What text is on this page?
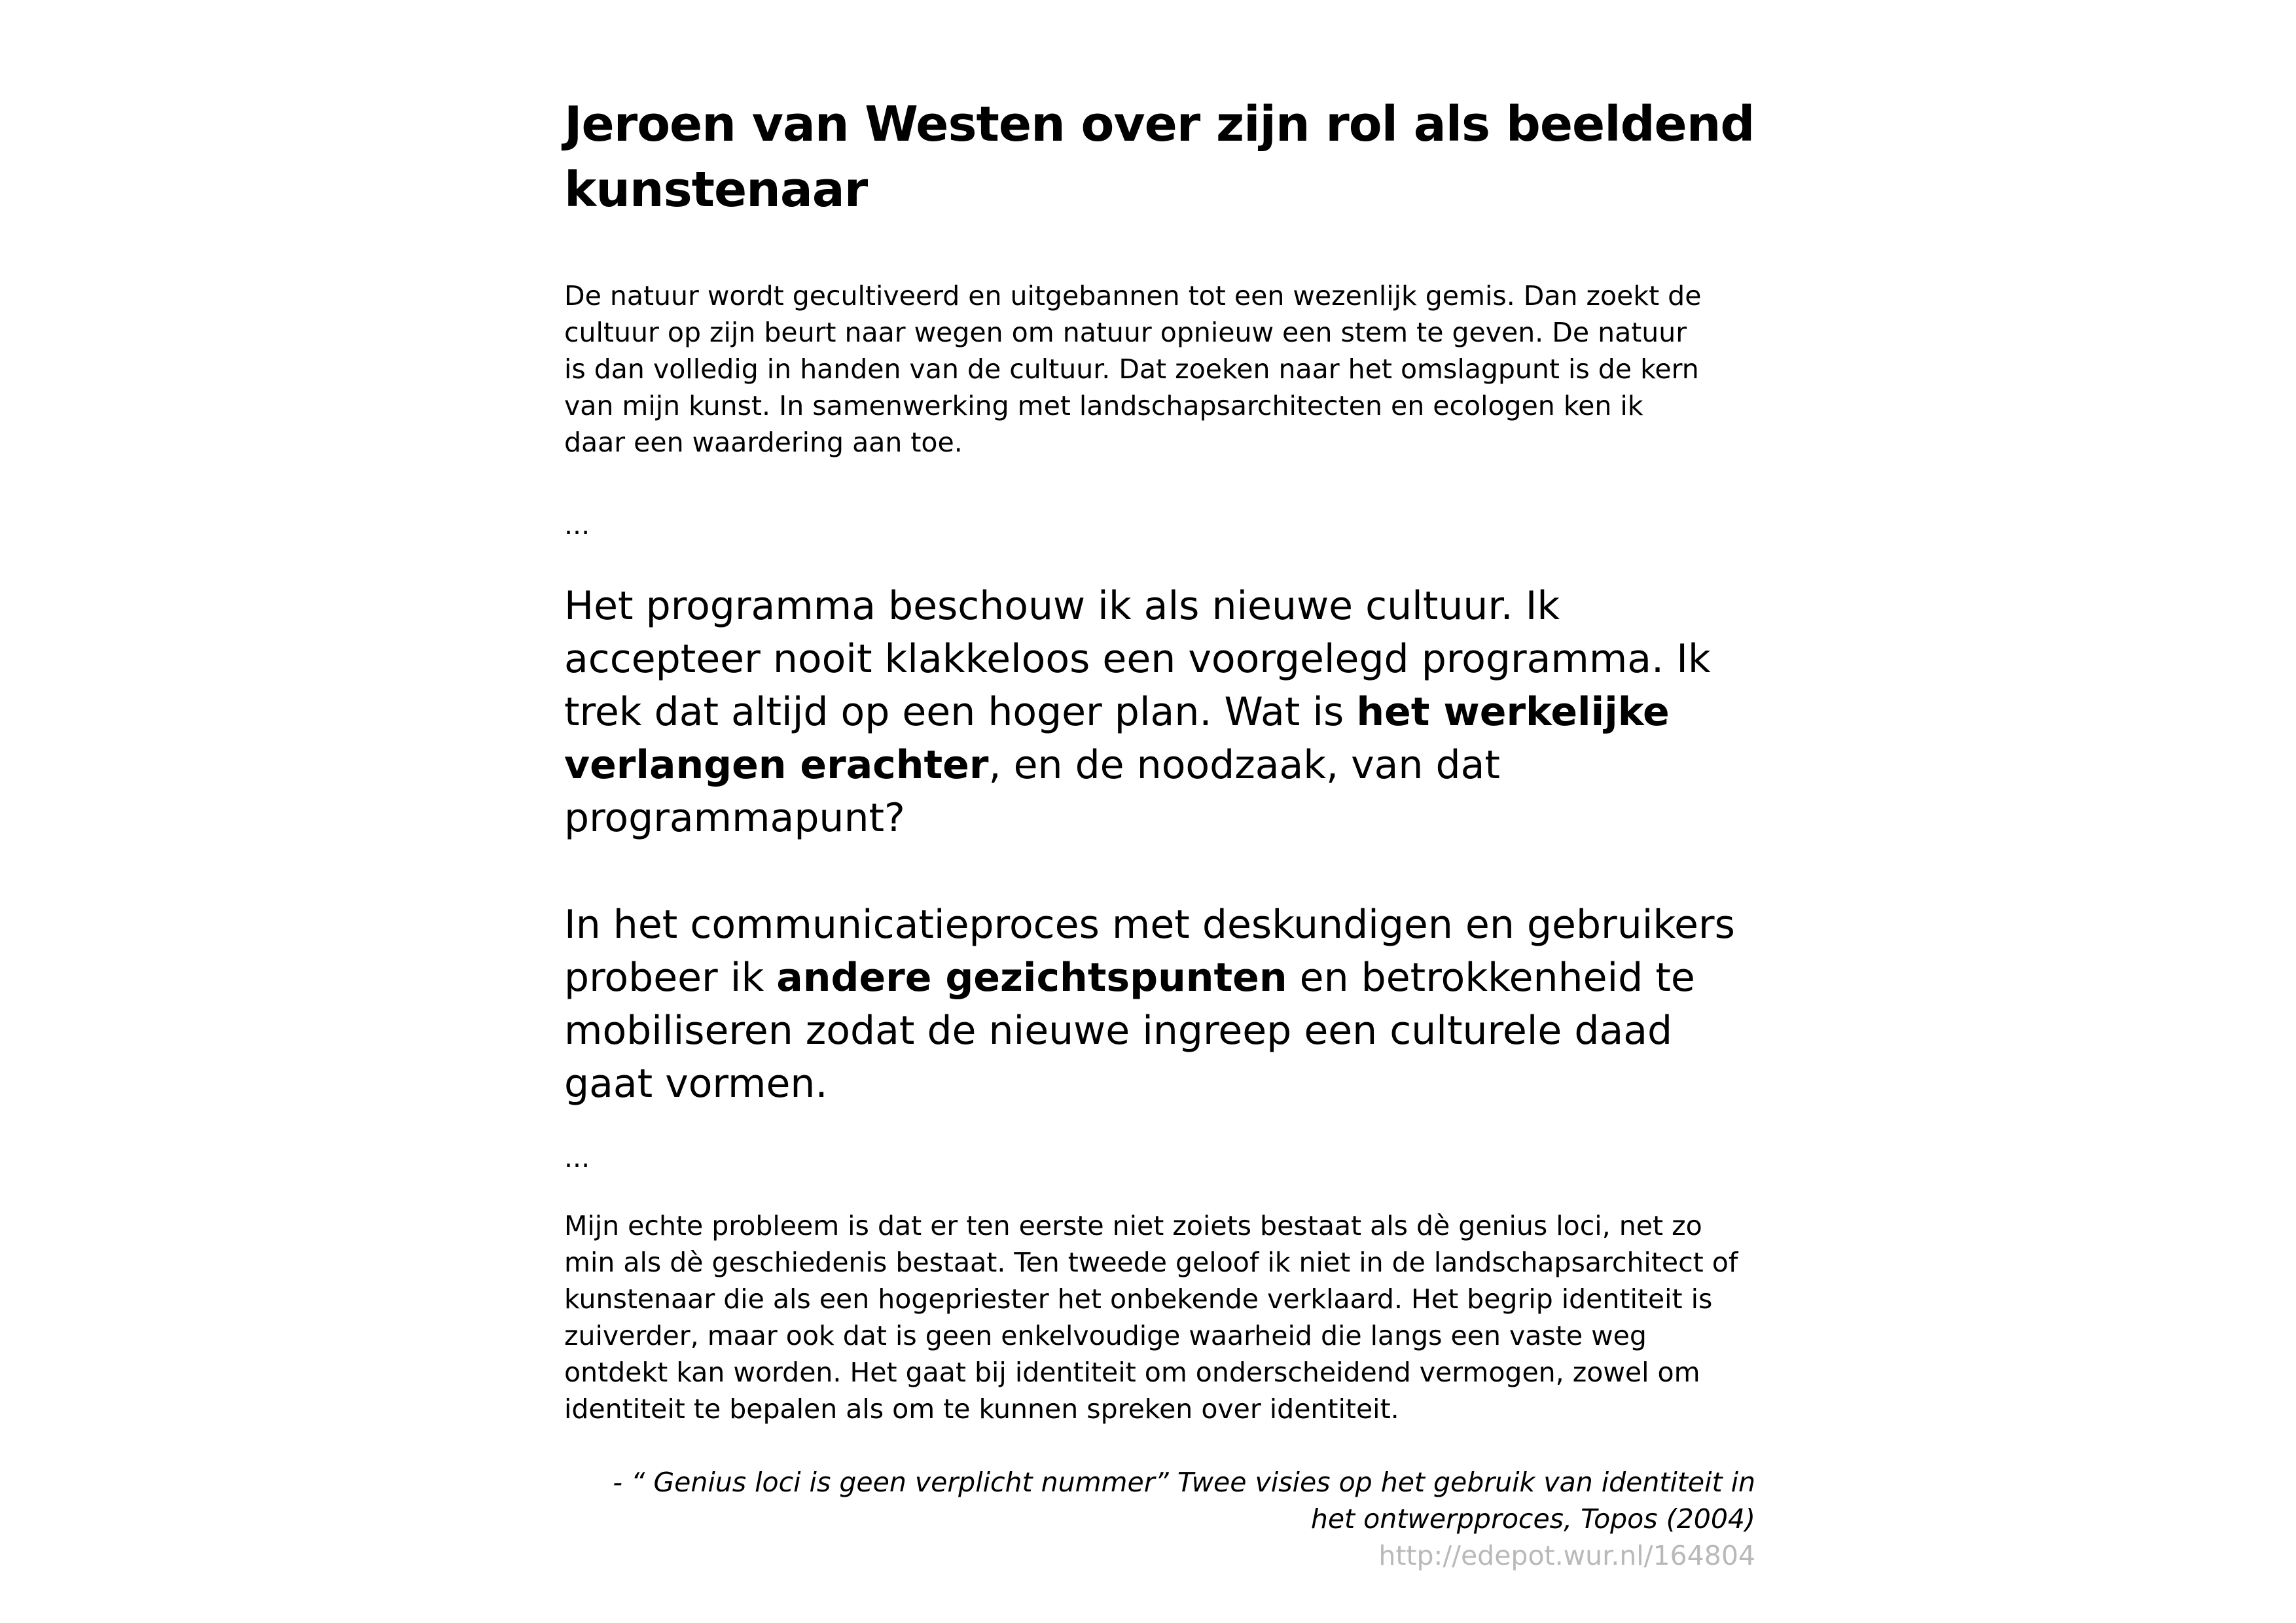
Jeroen van Westen over zijn rol als beeldend kunstenaar

De natuur wordt gecultiveerd en uitgebannen tot een wezenlijk gemis. Dan zoekt de cultuur op zijn beurt naar wegen om natuur opnieuw een stem te geven. De natuur is dan volledig in handen van de cultuur. Dat zoeken naar het omslagpunt is de kern van mijn kunst. In samenwerking met landschapsarchitecten en ecologen ken ik daar een waardering aan toe.

...

Het programma beschouw ik als nieuwe cultuur. Ik accepteer nooit klakkeloos een voorgelegd programma. Ik trek dat altijd op een hoger plan. Wat is het werkelijke verlangen erachter, en de noodzaak, van dat programmapunt?

In het communicatieproces met deskundigen en gebruikers probeer ik andere gezichtspunten en betrokkenheid te mobiliseren zodat de nieuwe ingreep een culturele daad gaat vormen.

...

Mijn echte probleem is dat er ten eerste niet zoiets bestaat als dè genius loci, net zo min als dè geschiedenis bestaat. Ten tweede geloof ik niet in de landschapsarchitect of kunstenaar die als een hogepriester het onbekende verklaard. Het begrip identiteit is zuiverder, maar ook dat is geen enkelvoudige waarheid die langs een vaste weg ontdekt kan worden. Het gaat bij identiteit om onderscheidend vermogen, zowel om identiteit te bepalen als om te kunnen spreken over identiteit.

- “ Genius loci is geen verplicht nummer” Twee visies op het gebruik van identiteit in het ontwerpproces, Topos (2004)

http://edepot.wur.nl/164804
